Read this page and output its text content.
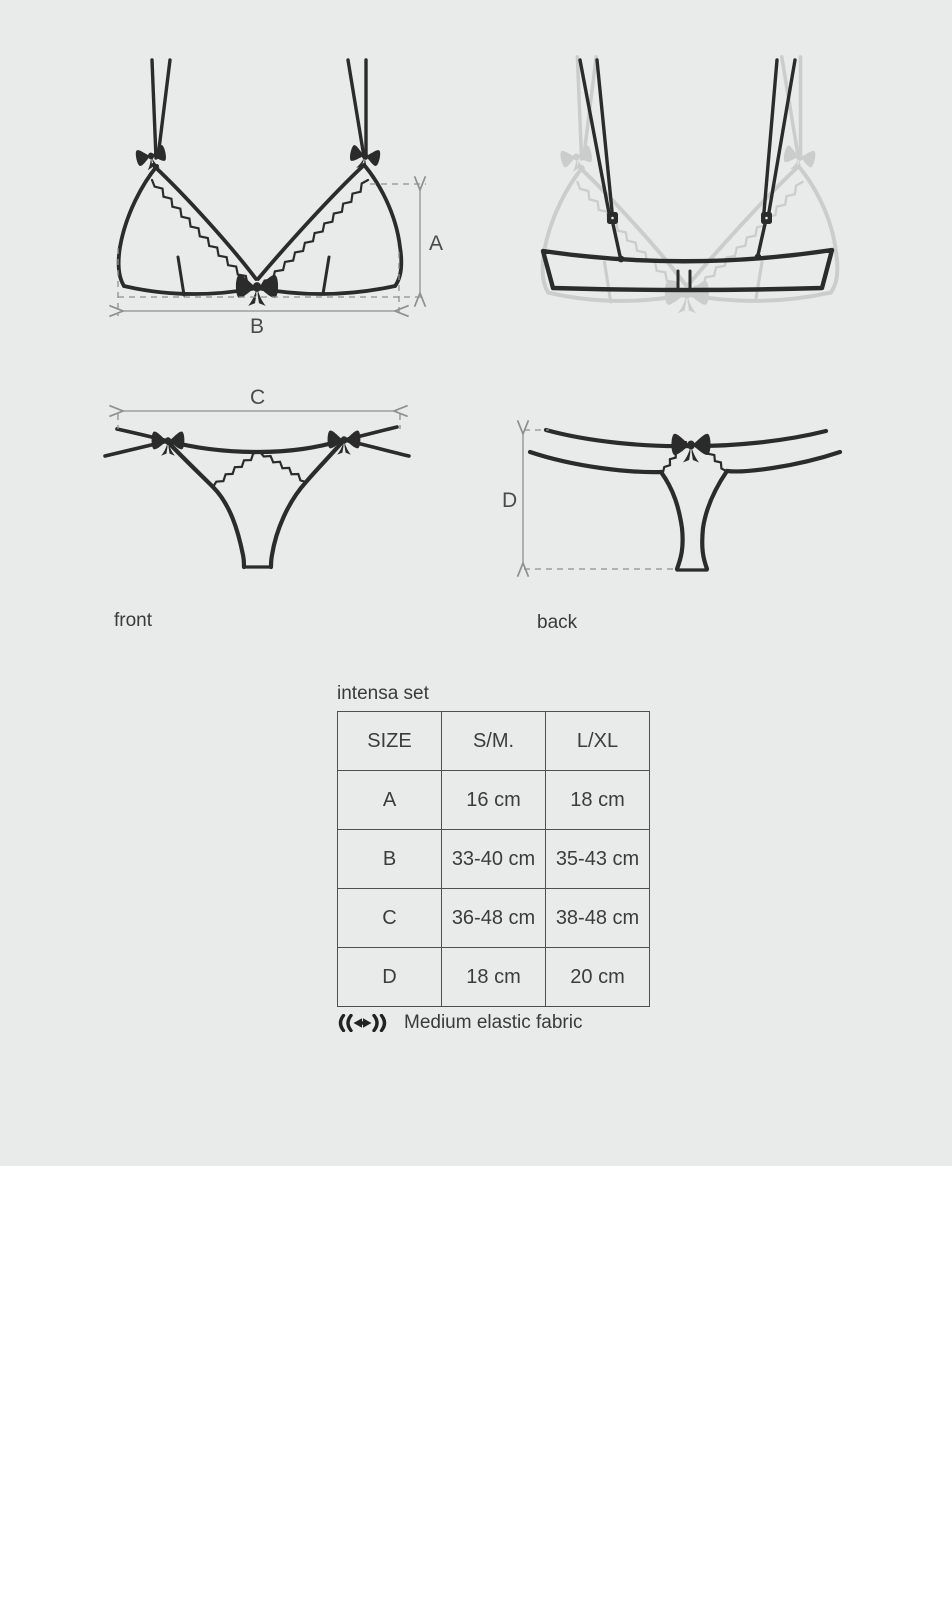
A
B
C
D
front	back
intensa set
SIZE	S/M.	L/XL
A	16 cm	18 cm
B	33-40 cm	35-43 cm
C	36-48 cm	38-48 cm
D	18 cm	20 cm
Medium elastic fabric
